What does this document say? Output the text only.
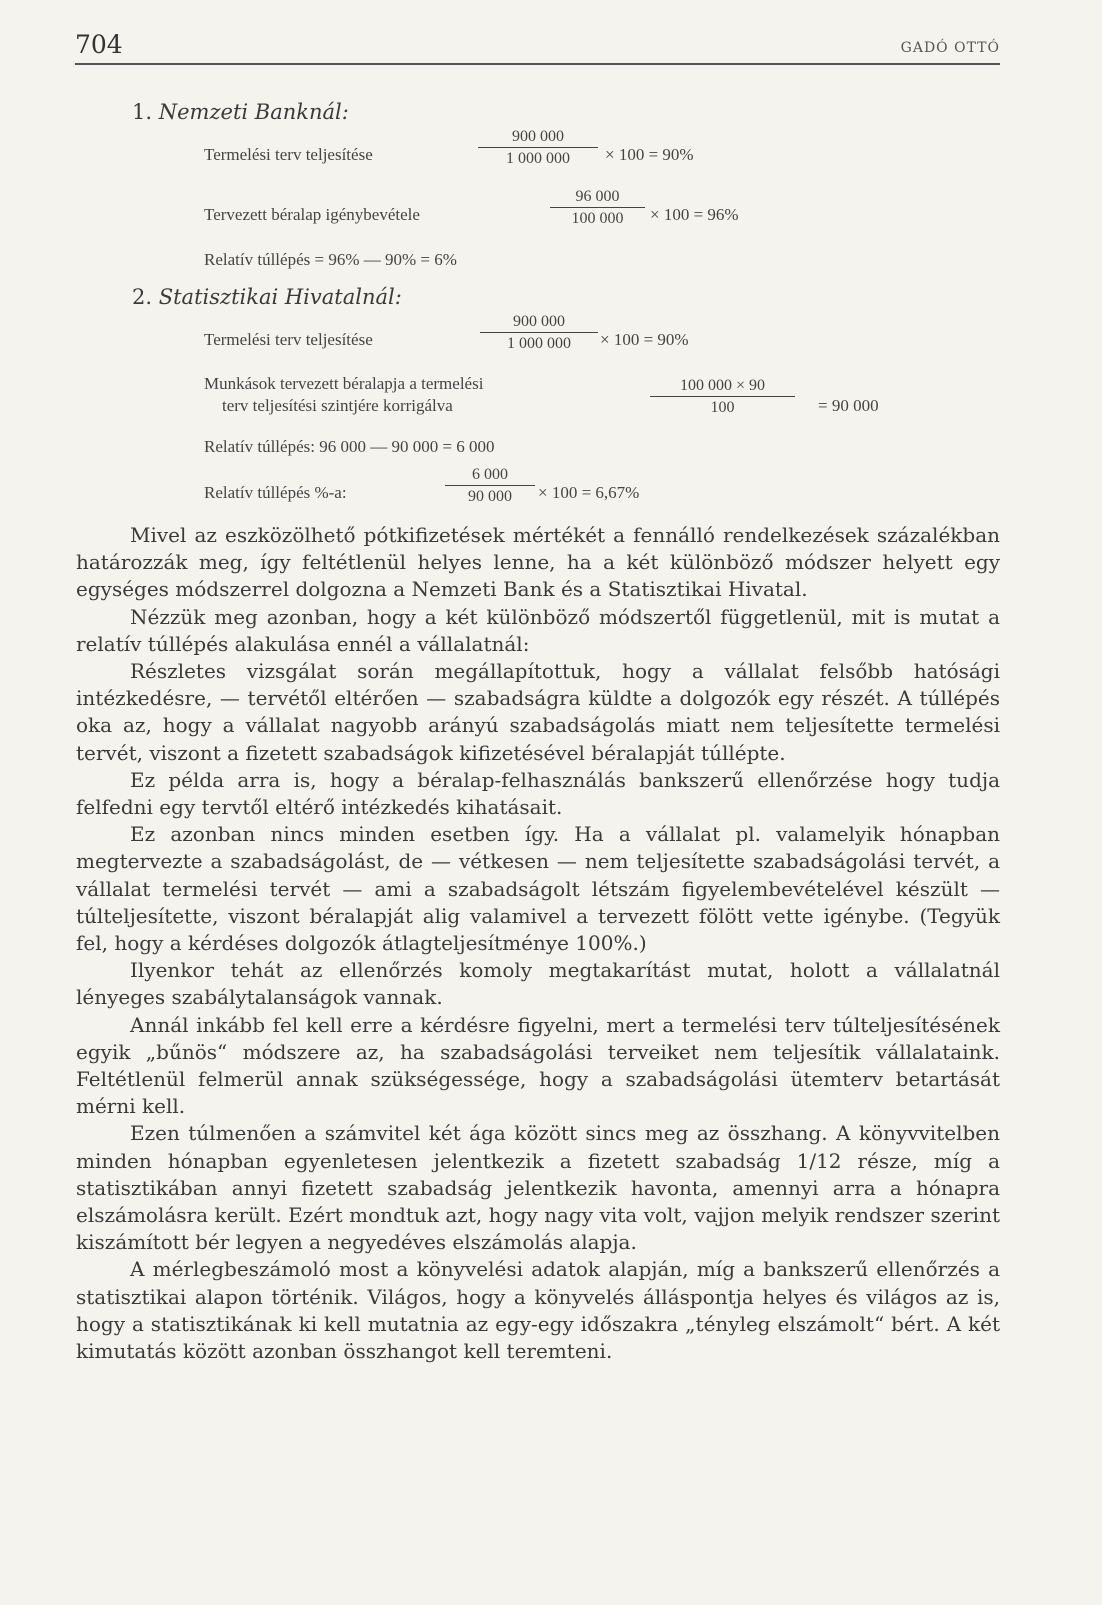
704	GADÓ OTTÓ
1. Nemzeti Banknál:
Termelési terv teljesítése	$\frac{900 000}{1 000 000} \times 100 = 90\%$
Tervezett béralap igénybevétele	$\frac{96 000}{100 000} \times 100 = 96\%$
Relatív túllépés = 96% — 90% = 6%
2. Statisztikai Hivatalnál:
Termelési terv teljesítése	$\frac{900 000}{1 000 000} \times 100 = 90\%$
Munkások tervezett béralapja a termelési
terv teljesítési szintjére korrigálva	$\frac{100 000 \times 90}{100} = 90$ 000
Relatív túllépés: 96 000 — 90 000 = 6 000
Relatív túllépés %-a:	$\frac{6 000}{90 000} \times 100 = 6,67\%$

Mivel az eszközölhető pótkifizetések mértékét a fennálló rendelkezések százalékban határozzák meg, így feltétlenül helyes lenne, ha a két különböző módszer helyett egy egységes módszerrel dolgozna a Nemzeti Bank és a Statisztikai Hivatal.

Nézzük meg azonban, hogy a két különböző módszertől függetlenül, mit is mutat a relatív túllépés alakulása ennél a vállalatnál:

Részletes vizsgálat során megállapítottuk, hogy a vállalat felsőbb hatósági intézkedésre, — tervétől eltérően — szabadságra küldte a dolgozók egy részét. A túllépés oka az, hogy a vállalat nagyobb arányú szabadságolás miatt nem teljesítette termelési tervét, viszont a fizetett szabadságok kifizetésével béralapját túllépte.

Ez példa arra is, hogy a béralap-felhasználás bankszerű ellenőrzése hogy tudja felfedni egy tervtől eltérő intézkedés kihatásait.

Ez azonban nincs minden esetben így. Ha a vállalat pl. valamelyik hónapban megtervezte a szabadságolást, de — vétkesen — nem teljesítette szabadságolási tervét, a vállalat termelési tervét — ami a szabadságolt létszám figyelembevételével készült — túlteljesítette, viszont béralapját alig valamivel a tervezett fölött vette igénybe. (Tegyük fel, hogy a kérdéses dolgozók átlagteljesítménye 100%.)

Ilyenkor tehát az ellenőrzés komoly megtakarítást mutat, holott a vállalatnál lényeges szabálytalanságok vannak.

Annál inkább fel kell erre a kérdésre figyelni, mert a termelési terv túlteljesítésének egyik „bűnös“ módszere az, ha szabadságolási terveiket nem teljesítik vállalataink. Feltétlenül felmerül annak szükségessége, hogy a szabadságolási ütemterv betartását mérni kell.

Ezen túlmenően a számvitel két ága között sincs meg az összhang. A könyvvitelben minden hónapban egyenletesen jelentkezik a fizetett szabadság 1/12 része, míg a statisztikában annyi fizetett szabadság jelentkezik havonta, amennyi arra a hónapra elszámolásra került. Ezért mondtuk azt, hogy nagy vita volt, vajjon melyik rendszer szerint kiszámított bér legyen a negyedéves elszámolás alapja.

A mérlegbeszámoló most a könyvelési adatok alapján, míg a bankszerű ellenőrzés a statisztikai alapon történik. Világos, hogy a könyvelés álláspontja helyes és világos az is, hogy a statisztikának ki kell mutatnia az egy-egy időszakra „tényleg elszámolt“ bért. A két kimutatás között azonban összhangot kell teremteni.
